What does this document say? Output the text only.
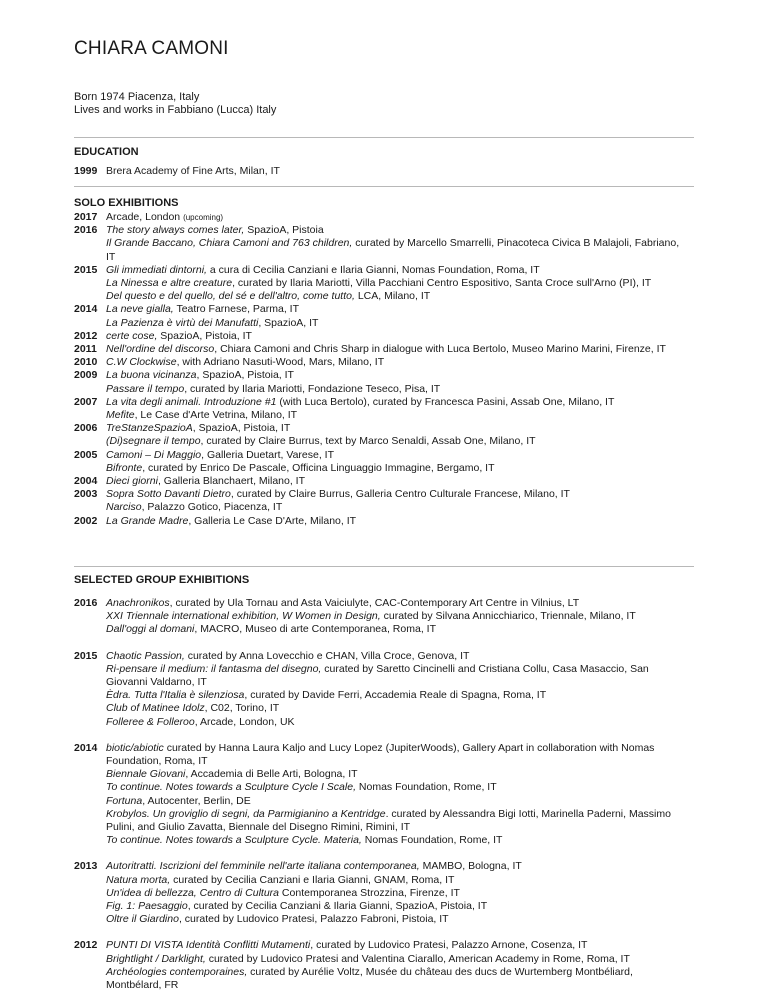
CHIARA CAMONI
Born 1974 Piacenza, Italy
Lives and works in Fabbiano (Lucca) Italy
EDUCATION
1999 Brera Academy of Fine Arts, Milan, IT
SOLO EXHIBITIONS
2017 Arcade, London (upcoming)
2016 The story always comes later, SpazioA, Pistoia
Il Grande Baccano, Chiara Camoni and 763 children, curated by Marcello Smarrelli, Pinacoteca Civica B Malajoli, Fabriano, IT
2015 Gli immediati dintorni, a cura di Cecilia Canziani e Ilaria Gianni, Nomas Foundation, Roma, IT
La Ninessa e altre creature, curated by Ilaria Mariotti, Villa Pacchiani Centro Espositivo, Santa Croce sull'Arno (PI), IT
Del questo e del quello, del sé e dell'altro, come tutto, LCA, Milano, IT
2014 La neve gialla, Teatro Farnese, Parma, IT
La Pazienza è virtù dei Manufatti, SpazioA, IT
2012 certe cose, SpazioA, Pistoia, IT
2011 Nell'ordine del discorso, Chiara Camoni and Chris Sharp in dialogue with Luca Bertolo, Museo Marino Marini, Firenze, IT
2010 C.W Clockwise, with Adriano Nasuti-Wood, Mars, Milano, IT
2009 La buona vicinanza, SpazioA, Pistoia, IT
Passare il tempo, curated by Ilaria Mariotti, Fondazione Teseco, Pisa, IT
2007 La vita degli animali. Introduzione #1 (with Luca Bertolo), curated by Francesca Pasini, Assab One, Milano, IT
Mefite, Le Case d'Arte Vetrina, Milano, IT
2006 TreStanzeSpazioA, SpazioA, Pistoia, IT
(Di)segnare il tempo, curated by Claire Burrus, text by Marco Senaldi, Assab One, Milano, IT
2005 Camoni – Di Maggio, Galleria Duetart, Varese, IT
Bifronte, curated by Enrico De Pascale, Officina Linguaggio Immagine, Bergamo, IT
2004 Dieci giorni, Galleria Blanchaert, Milano, IT
2003 Sopra Sotto Davanti Dietro, curated by Claire Burrus, Galleria Centro Culturale Francese, Milano, IT
Narciso, Palazzo Gotico, Piacenza, IT
2002 La Grande Madre, Galleria Le Case D'Arte, Milano, IT
SELECTED GROUP EXHIBITIONS
2016 Anachronikos, curated by Ula Tornau and Asta Vaiciulyte, CAC-Contemporary Art Centre in Vilnius, LT
XXI Triennale international exhibition, W Women in Design, curated by Silvana Annicchiarico, Triennale, Milano, IT
Dall'oggi al domani, MACRO, Museo di arte Contemporanea, Roma, IT
2015 Chaotic Passion, curated by Anna Lovecchio e CHAN, Villa Croce, Genova, IT
Ri-pensare il medium: il fantasma del disegno, curated by Saretto Cincinelli and Cristiana Collu, Casa Masaccio, San Giovanni Valdarno, IT
Èdra. Tutta l'Italia è silenziosa, curated by Davide Ferri, Accademia Reale di Spagna, Roma, IT
Club of Matinee Idolz, C02, Torino, IT
Folleree & Folleroo, Arcade, London, UK
2014 biotic/abiotic curated by Hanna Laura Kaljo and Lucy Lopez (JupiterWoods), Gallery Apart in collaboration with Nomas Foundation, Roma, IT
Biennale Giovani, Accademia di Belle Arti, Bologna, IT
To continue. Notes towards a Sculpture Cycle I Scale, Nomas Foundation, Rome, IT
Fortuna, Autocenter, Berlin, DE
Krobylos. Un groviglio di segni, da Parmigianino a Kentridge. curated by Alessandra Bigi Iotti, Marinella Paderni, Massimo Pulini, and Giulio Zavatta, Biennale del Disegno Rimini, Rimini, IT
To continue. Notes towards a Sculpture Cycle. Materia, Nomas Foundation, Rome, IT
2013 Autoritratti. Iscrizioni del femminile nell'arte italiana contemporanea, MAMBO, Bologna, IT
Natura morta, curated by Cecilia Canziani e Ilaria Gianni, GNAM, Roma, IT
Un'idea di bellezza, Centro di Cultura Contemporanea Strozzina, Firenze, IT
Fig. 1: Paesaggio, curated by Cecilia Canziani & Ilaria Gianni, SpazioA, Pistoia, IT
Oltre il Giardino, curated by Ludovico Pratesi, Palazzo Fabroni, Pistoia, IT
2012 PUNTI DI VISTA Identità Conflitti Mutamenti, curated by Ludovico Pratesi, Palazzo Arnone, Cosenza, IT
Brightlight / Darklight, curated by Ludovico Pratesi and Valentina Ciarallo, American Academy in Rome, Roma, IT
Archéologies contemporaines, curated by Aurélie Voltz, Musée du château des ducs de Wurtemberg Montbéliard, Montbélard, FR
